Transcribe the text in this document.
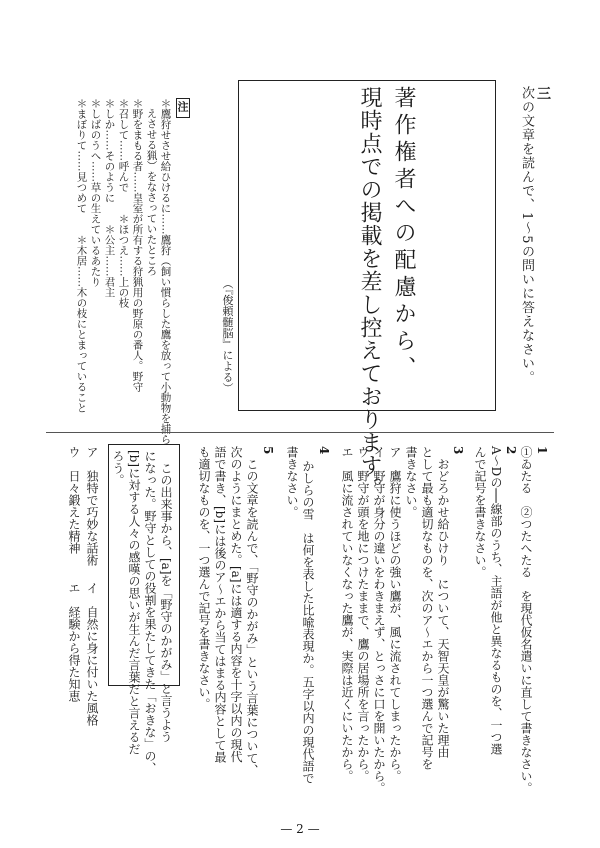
三
次の文章を読んで、1〜5の問いに答えなさい。
著作権者への配慮から、
現時点での掲載を差し控えております。
（『俊頼髄脳』による）
注
＊鷹狩せさせ給ひけるに……鷹狩（飼い慣らした鷹を放って小動物を捕ら
えさせる猟）をなさっていたところ
＊野をまもる者……皇室が所有する狩猟用の野原の番人。野守
＊召して……呼んで　　＊ほつえ……上の枝
＊しか……そのように　　＊公主……君主
＊しばのうへ……草の生えているあたり
＊まぼりて……見つめて　　＊木居……木の枝にとまっていること
1
①ゐたる　②つたへたる　を現代仮名遣いに直して書きなさい。
2
A〜Dの──線部のうち、主語が他と異なるものを、一つ選
んで記号を書きなさい。
3
おどろかせ給ひけり　について、天智天皇が驚いた理由
として最も適切なものを、次のア〜エから一つ選んで記号を
書きなさい。
ア　鷹狩に使うほどの強い鷹が、風に流されてしまったから。
イ　野守が身分の違いをわきまえず、とっさに口を開いたから。
ウ　野守が頭を地につけたままで、鷹の居場所を言ったから。
エ　風に流されていなくなった鷹が、実際は近くにいたから。
4
かしらの雪　は何を表した比喩表現か。五字以内の現代語で
書きなさい。
5
この文章を読んで、「野守のかがみ」という言葉について、
次のようにまとめた。[a]には適する内容を十字以内の現代
語で書き、[b]には後のア〜エから当てはまる内容として最
も適切なものを、一つ選んで記号を書きなさい。
この出来事から、[a]を「野守のかがみ」と言うよう
になった。野守としての役割を果たしてきた「おきな」の、
[b]に対する人々の感嘆の思いが生んだ言葉だと言えるだ
ろう。
ア　独特で巧妙な話術
ウ　日々鍛えた精神
イ　自然に身に付いた風格
エ　経験から得た知恵
— 2 —
